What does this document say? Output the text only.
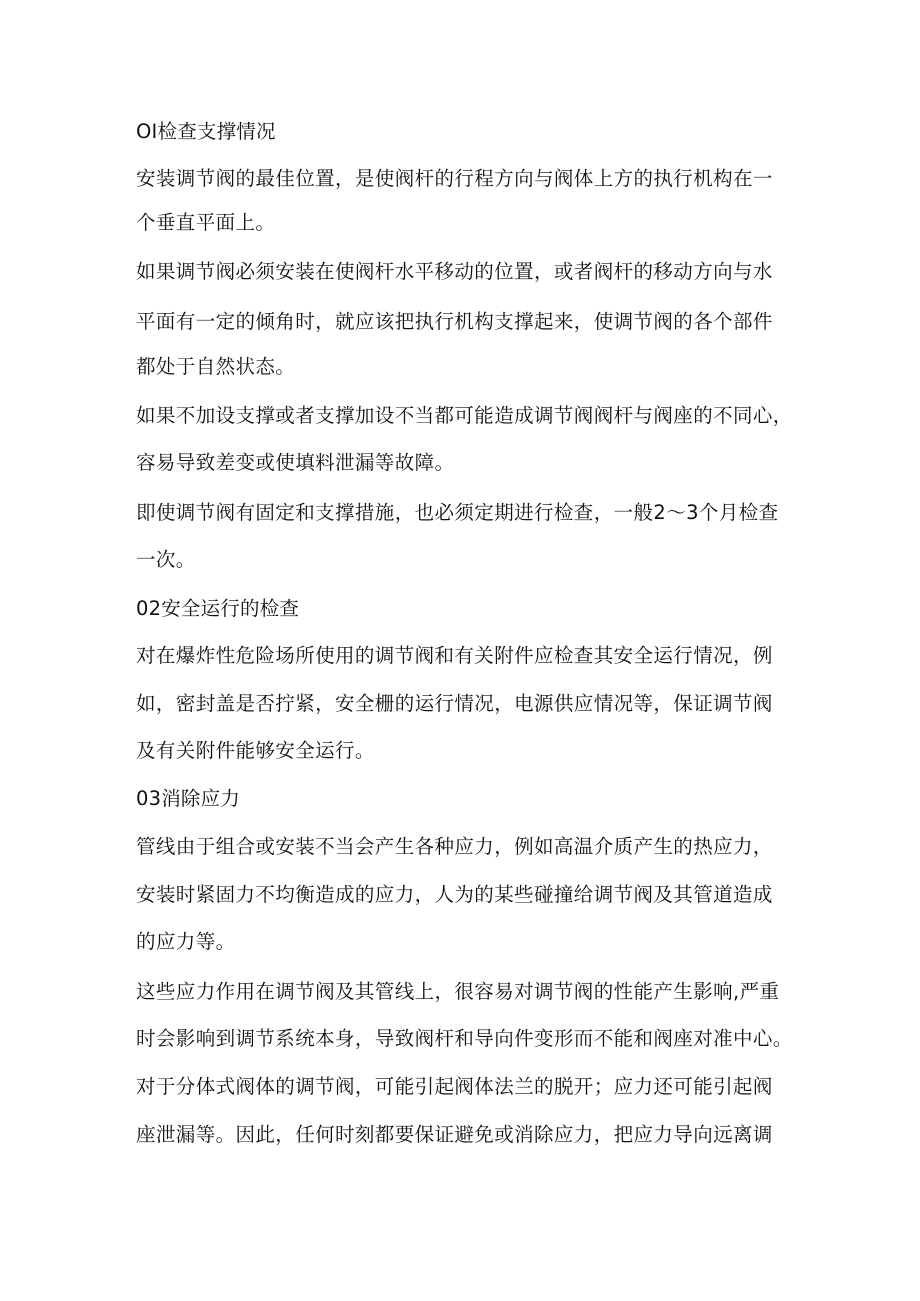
OI检查支撑情况
安装调节阀的最佳位置，是使阀杆的行程方向与阀体上方的执行机构在一
个垂直平面上。
如果调节阀必须安装在使阀杆水平移动的位置，或者阀杆的移动方向与水
平面有一定的倾角时，就应该把执行机构支撑起来，使调节阀的各个部件
都处于自然状态。
如果不加设支撑或者支撑加设不当都可能造成调节阀阀杆与阀座的不同心，
容易导致差变或使填料泄漏等故障。
即使调节阀有固定和支撑措施，也必须定期进行检查，一般2～3个月检查
一次。
02安全运行的检查
对在爆炸性危险场所使用的调节阀和有关附件应检查其安全运行情况，例
如，密封盖是否拧紧，安全栅的运行情况，电源供应情况等，保证调节阀
及有关附件能够安全运行。
03消除应力
管线由于组合或安装不当会产生各种应力，例如高温介质产生的热应力，
安装时紧固力不均衡造成的应力，人为的某些碰撞给调节阀及其管道造成
的应力等。
这些应力作用在调节阀及其管线上，很容易对调节阀的性能产生影响,严重
时会影响到调节系统本身，导致阀杆和导向件变形而不能和阀座对准中心。
对于分体式阀体的调节阀，可能引起阀体法兰的脱开；应力还可能引起阀
座泄漏等。因此，任何时刻都要保证避免或消除应力，把应力导向远离调
